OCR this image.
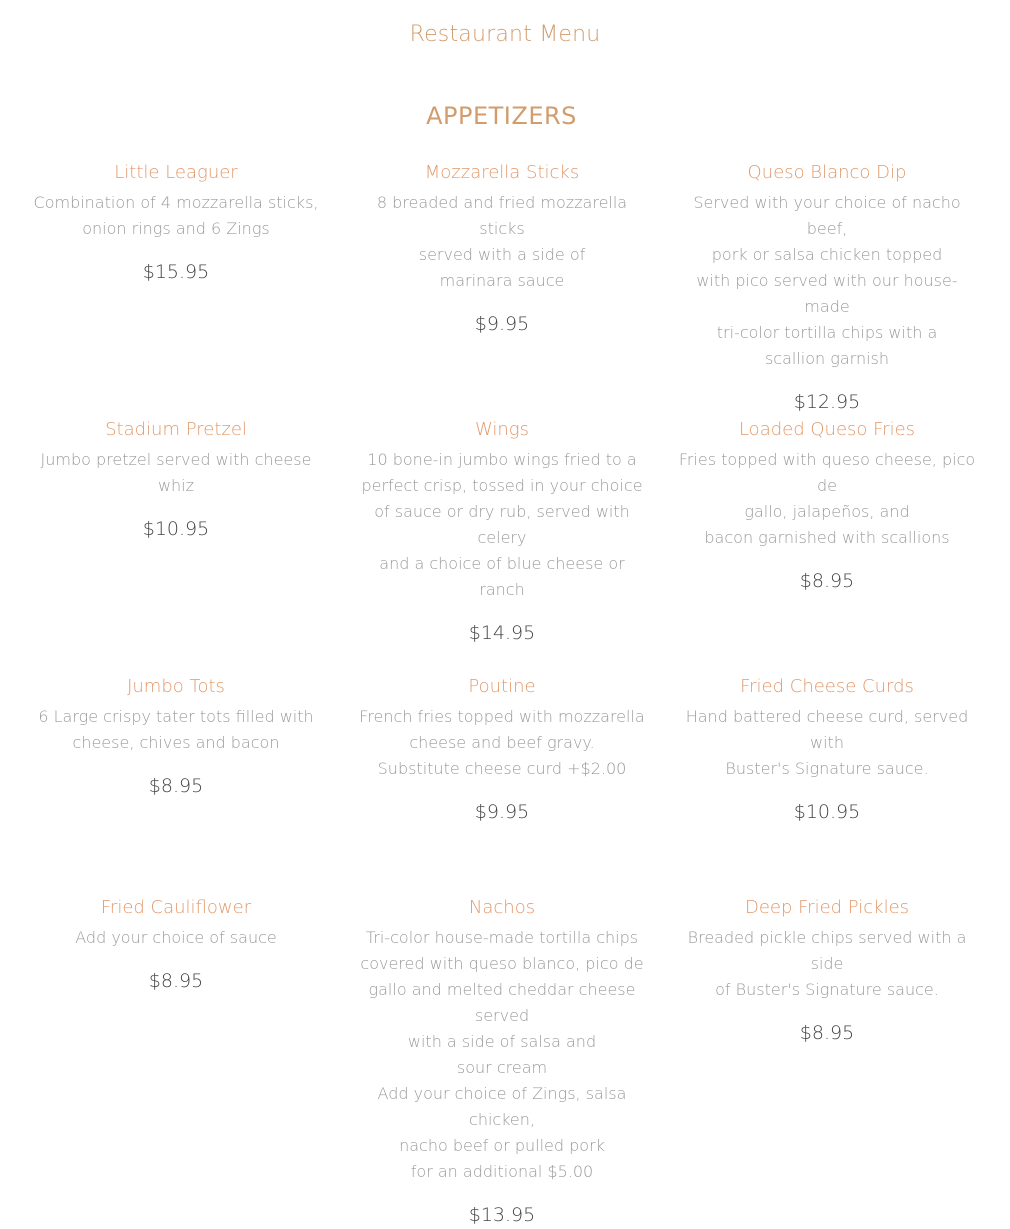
Restaurant Menu
APPETIZERS
Little Leaguer
Combination of 4 mozzarella sticks,
onion rings and 6 Zings
$15.95
Mozzarella Sticks
8 breaded and fried mozzarella sticks
served with a side of
marinara sauce
$9.95
Queso Blanco Dip
Served with your choice of nacho beef,
pork or salsa chicken topped
with pico served with our house-made
tri-color tortilla chips with a
scallion garnish
$12.95
Stadium Pretzel
Jumbo pretzel served with cheese whiz
$10.95
Wings
10 bone-in jumbo wings fried to a
perfect crisp, tossed in your choice
of sauce or dry rub, served with celery
and a choice of blue cheese or
ranch
$14.95
Loaded Queso Fries
Fries topped with queso cheese, pico de
gallo, jalapeños, and
bacon garnished with scallions
$8.95
Jumbo Tots
6 Large crispy tater tots filled with
cheese, chives and bacon
$8.95
Poutine
French fries topped with mozzarella
cheese and beef gravy.
Substitute cheese curd +$2.00
$9.95
Fried Cheese Curds
Hand battered cheese curd, served with
Buster's Signature sauce.
$10.95
Fried Cauliflower
Add your choice of sauce
$8.95
Nachos
Tri-color house-made tortilla chips
covered with queso blanco, pico de
gallo and melted cheddar cheese served
with a side of salsa and
sour cream
Add your choice of Zings, salsa chicken,
nacho beef or pulled pork
for an additional $5.00
$13.95
Deep Fried Pickles
Breaded pickle chips served with a side
of Buster's Signature sauce.
$8.95
